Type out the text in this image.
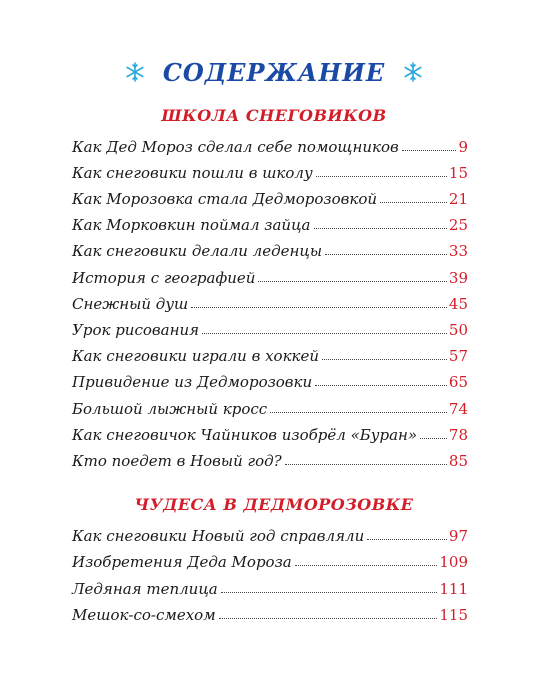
СОДЕРЖАНИЕ
ШКОЛА СНЕГОВИКОВ
Как Дед Мороз сделал себе помощников	9
Как снеговики пошли в школу	15
Как Морозовка стала Дедморозовкой	21
Как Морковкин поймал зайца	25
Как снеговики делали леденцы	33
История с географией	39
Снежный душ	45
Урок рисования	50
Как снеговики играли в хоккей	57
Привидение из Дедморозовки	65
Большой лыжный кросс	74
Как снеговичок Чайников изобрёл «Буран» 78
Кто поедет в Новый год?	85
ЧУДЕСА В ДЕДМОРОЗОВКЕ
Как снеговики Новый год справляли	97
Изобретения Деда Мороза	109
Ледяная теплица	111
Мешок-со-смехом	115
